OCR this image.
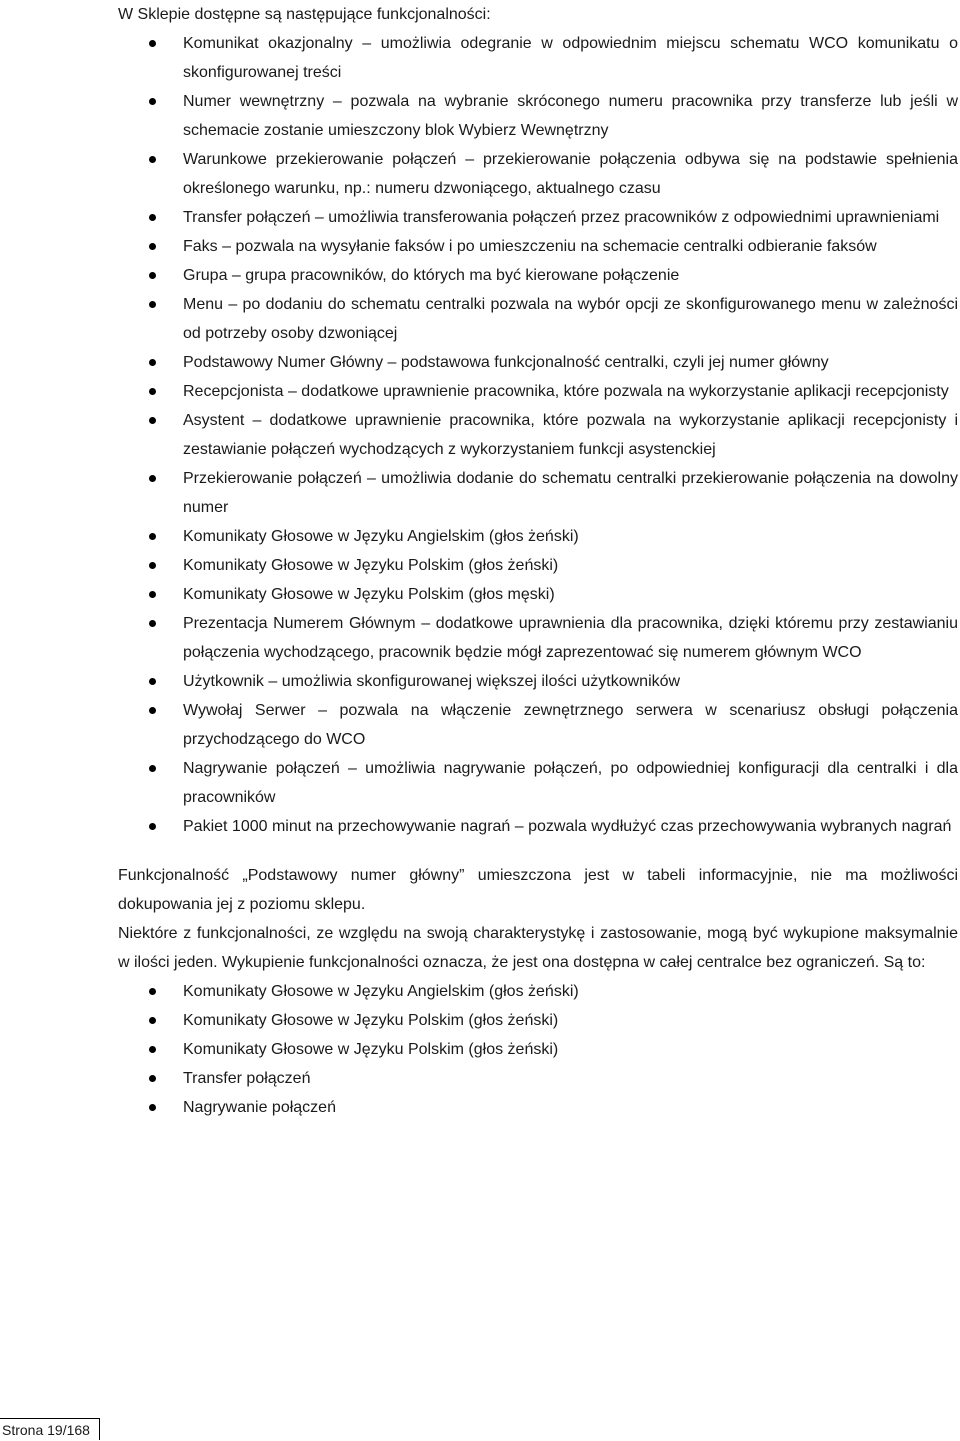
W Sklepie dostępne są następujące funkcjonalności:

Komunikat okazjonalny – umożliwia odegranie w odpowiednim miejscu schematu WCO komunikatu o skonfigurowanej treści
Numer wewnętrzny – pozwala na wybranie skróconego numeru pracownika przy transferze lub jeśli w schemacie zostanie umieszczony blok Wybierz Wewnętrzny
Warunkowe przekierowanie połączeń – przekierowanie połączenia odbywa się na podstawie spełnienia określonego warunku, np.: numeru dzwoniącego, aktualnego czasu
Transfer połączeń – umożliwia transferowania połączeń przez pracowników z odpowiednimi uprawnieniami
Faks – pozwala na wysyłanie faksów i po umieszczeniu na schemacie centralki odbieranie faksów
Grupa – grupa pracowników, do których ma być kierowane połączenie
Menu – po dodaniu do schematu centralki pozwala na wybór opcji ze skonfigurowanego menu w zależności od potrzeby osoby dzwoniącej
Podstawowy Numer Główny – podstawowa funkcjonalność centralki, czyli jej numer główny
Recepcjonista – dodatkowe uprawnienie pracownika, które pozwala na wykorzystanie aplikacji recepcjonisty
Asystent – dodatkowe uprawnienie pracownika, które pozwala na wykorzystanie aplikacji recepcjonisty i zestawianie połączeń wychodzących z wykorzystaniem funkcji asystenckiej
Przekierowanie połączeń – umożliwia dodanie do schematu centralki przekierowanie połączenia na dowolny numer
Komunikaty Głosowe w Języku Angielskim (głos żeński)
Komunikaty Głosowe w Języku Polskim (głos żeński)
Komunikaty Głosowe w Języku Polskim (głos męski)
Prezentacja Numerem Głównym – dodatkowe uprawnienia dla pracownika, dzięki któremu przy zestawianiu połączenia wychodzącego, pracownik będzie mógł zaprezentować się numerem głównym WCO
Użytkownik – umożliwia skonfigurowanej większej ilości użytkowników
Wywołaj Serwer – pozwala na włączenie zewnętrznego serwera w scenariusz obsługi połączenia przychodzącego do WCO
Nagrywanie połączeń – umożliwia nagrywanie połączeń, po odpowiedniej konfiguracji dla centralki i dla pracowników
Pakiet 1000 minut na przechowywanie nagrań – pozwala wydłużyć czas przechowywania wybranych nagrań

Funkcjonalność „Podstawowy numer główny” umieszczona jest w tabeli informacyjnie, nie ma możliwości dokupowania jej z poziomu sklepu.

Niektóre z funkcjonalności, ze względu na swoją charakterystykę i zastosowanie, mogą być wykupione maksymalnie w ilości jeden. Wykupienie funkcjonalności oznacza, że jest ona dostępna w całej centralce bez ograniczeń. Są to:

Komunikaty Głosowe w Języku Angielskim (głos żeński)
Komunikaty Głosowe w Języku Polskim (głos żeński)
Komunikaty Głosowe w Języku Polskim (głos żeński)
Transfer połączeń
Nagrywanie połączeń
Strona 19/168
